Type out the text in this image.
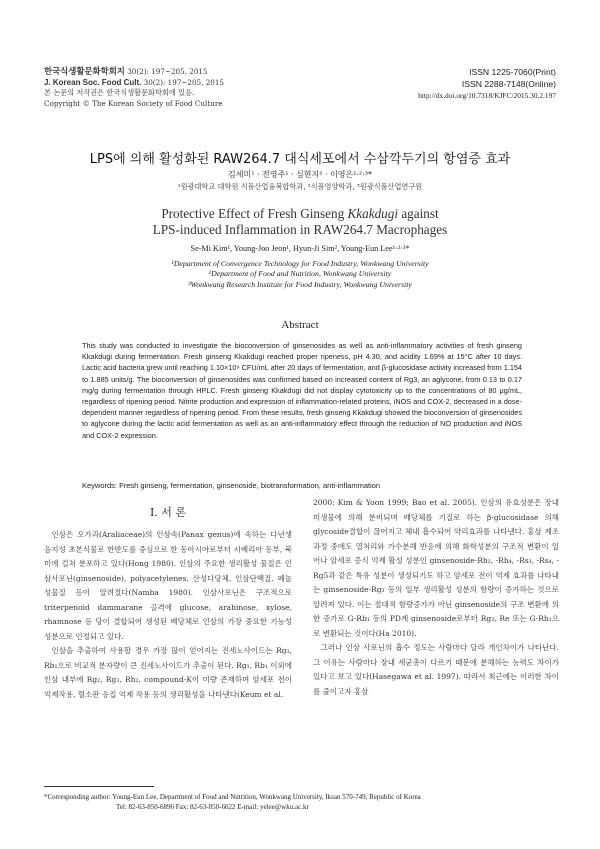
한국식생활문화학회지 30(2): 197~205, 2015
J. Korean Soc. Food Cult. 30(2): 197~205, 2015
본 논문의 저작권은 한국식생활문화학회에 있음.
Copyright © The Korean Society of Food Culture
ISSN 1225-7060(Print)
ISSN 2288-7148(Online)
http://dx.doi.org/10.7318/KJFC/2015.30.2.197
LPS에 의해 활성화된 RAW264.7 대식세포에서 수삼깍두기의 항염증 효과
김세미¹ · 전영주¹ · 심현지² · 이영은¹·²·³*
¹원광대학교 대학원 식품산업융복합학과, ²식품영양학과, ³원광식품산업연구원
Protective Effect of Fresh Ginseng Kkakdugi against LPS-induced Inflammation in RAW264.7 Macrophages
Se-Mi Kim¹, Young-Joo Jeon¹, Hyun-Ji Sim², Young-Eun Lee¹·²·³*
¹Department of Convergence Technology for Food Industry, Wonkwang University
²Department of Food and Nutrition, Wonkwang University
³Wonkwang Research Institute for Food Industry, Wonkwang University
Abstract
This study was conducted to investigate the bioconversion of ginsenosides as well as anti-inflammatory activities of fresh ginseng Kkakdugi during fermentation. Fresh ginseng Kkakdugi reached proper ripeness, pH 4.30, and acidity 1.69% at 15°C after 10 days. Lactic acid bacteria grew until reaching 1.10×10⁹ CFU/mL after 20 days of fermentation, and β-glucosidase activity increased from 1.154 to 1.885 units/g. The bioconversion of ginsenosides was confirmed based on increased content of Rg3, an aglycone, from 0.13 to 0.17 mg/g during fermentation through HPLC. Fresh ginseng Kkakdugi did not display cytotoxicity up to the concentrations of 80 μg/mL, regardless of ripening period. Nitrite production and expression of inflammation-related proteins, iNOS and COX-2, decreased in a dose-dependent manner regardless of ripening period. From these results, fresh ginseng Kkakdugi showed the bioconversion of ginsenosides to aglycone during the lactic acid fermentation as well as an anti-inflammatory effect through the reduction of NO production and iNOS and COX-2 expression.
Keywords: Fresh ginseng, fermentation, ginsenoside, biotransformation, anti-inflammation
Ⅰ. 서 론

인삼은 오가과(Araliaceae)의 인삼속(Panax genus)에 속하는 다년생 음지성 초본식물로 한반도를 중심으로 한 동아시아로부터 시베리아 동부, 북미에 걸쳐 분포하고 있다(Hong 1980). 인삼의 주요한 생리활성 물질은 인삼사포닌(ginsenoside), polyacetylenes, 산성다당체, 인삼단백질, 페놀성물질 등이 알려졌다(Namba 1980). 인삼사포닌은 구조적으로 triterpenoid dammarane 골격에 glucose, arabinose, xylose, rhamnose 등 당이 결합되어 생성된 배당체로 인삼의 가장 중요한 기능성 성분으로 인정되고 있다.

인삼을 추출하여 사용할 경우 가장 많이 얻어지는 진세노사이드는 Rg₁, Rb₁으로 비교적 분자량이 큰 진세노사이드가 추출이 된다. Rg₁, Rb₁ 이외에 인삼 내부에 Rg₂, Rg₃, Rh₂, compound-K이 미량 존재하며 암세포 전이 억제작용, 혈소판 응집 억제 작용 등의 생리활성을 나타낸다(Keum et al.

2000; Kim & Yoon 1999; Bao et al. 2005). 인삼의 유효성분은 장내 미생물에 의해 분비되며 배당체를 기질로 하는 β-glucosidase 의해 glycoside결합이 끊어지고 체내 흡수되어 약리효과를 나타낸다. 홍삼 제조과정 중에도 열처리와 가수분해 반응에 의해 화학성분의 구조적 변환이 일어나 암세포 증식 억제 활성 성분인 ginsenoside-Rh₂, -Rh₄, -Rs₃, -Rs₄, -Rg5과 같은 특유 성분이 생성되기도 하고 암세포 전이 억제 효과를 나타내는 ginsenoside-Rg₃ 등의 일부 생리활성 성분의 함량이 증가하는 것으로 알려져 있다. 이는 절대적 함량증가가 아닌 ginsenoside의 구조 변환에 의한 증가로 G-Rb₁ 등의 PD계 ginsenoside로부터 Rg₃, Re 또는 G-Rh₁으로 변환되는 것이다(Ha 2010).

그러나 인삼 사포닌의 흡수 정도는 사람마다 달라 개인차이가 나타난다. 그 이유는 사람마다 장내 세균총이 다르기 때문에 분해하는 능력도 차이가 있다고 보고 있다(Hasegawa et al. 1997). 따라서 최근에는 이러한 차이를 줄이고자 홍삼

*Corresponding author: Young-Eun Lee, Department of Food and Nutrition, Wonkwang University, Iksan 570-749, Republic of Korea
Tel: 82-63-850-6896 Fax: 82-63-850-6022 E-mail: yelee@wku.ac.kr
